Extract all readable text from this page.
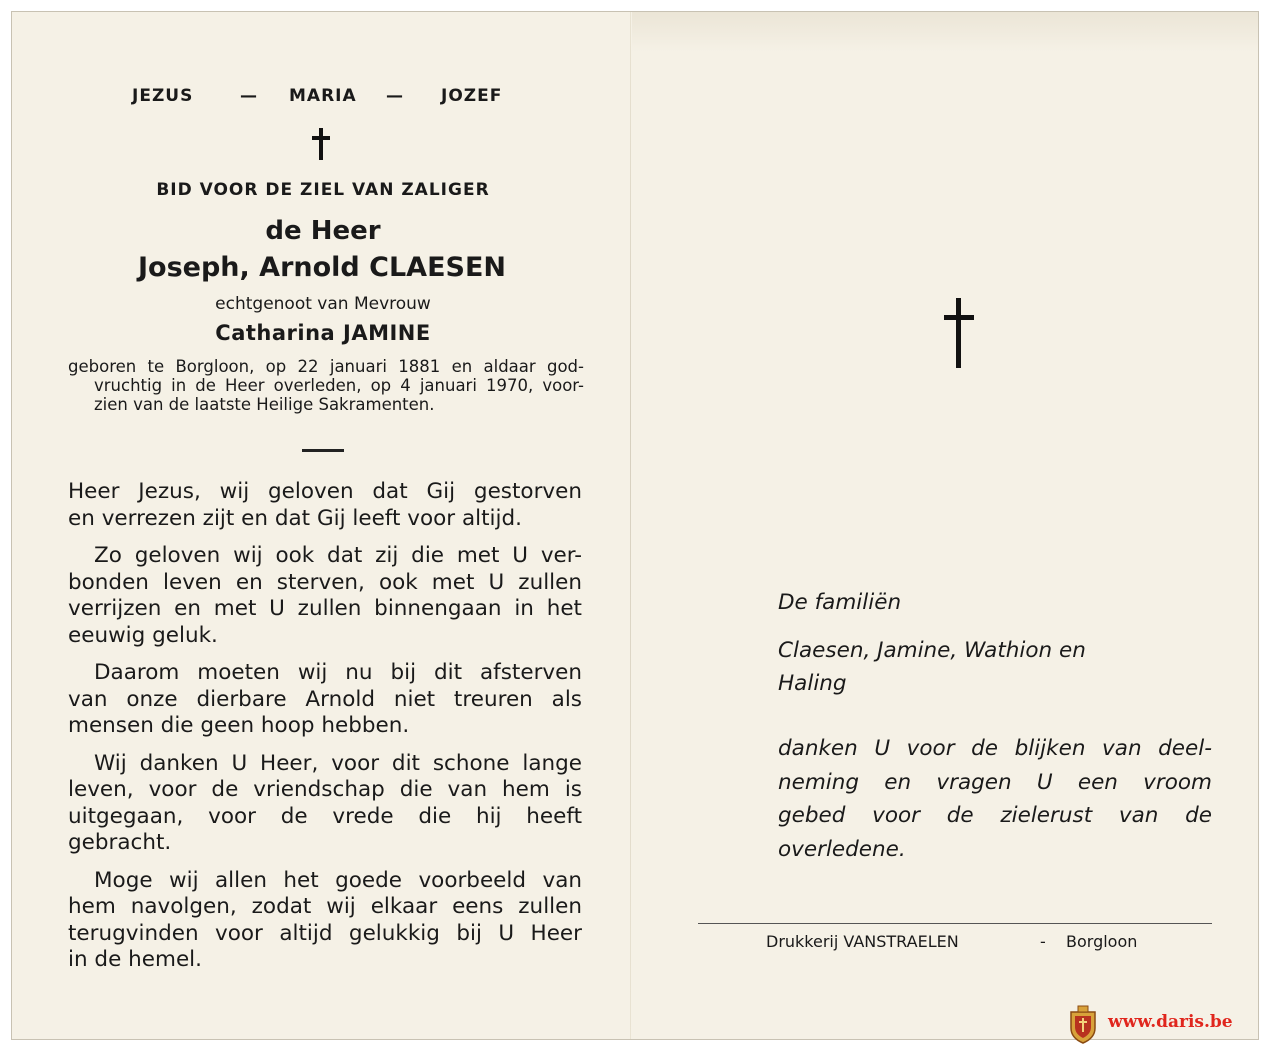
JEZUS	— MARIA — JOZEF
BID VOOR DE ZIEL VAN ZALIGER
de Heer
Joseph, Arnold CLAESEN
echtgenoot van Mevrouw
Catharina JAMINE
geboren te Borgloon, op 22 januari 1881 en aldaar god-
vruchtig in de Heer overleden, op 4 januari 1970, voor-
zien van de laatste Heilige Sakramenten.
Heer Jezus, wij geloven dat Gij gestorven
en verrezen zijt en dat Gij leeft voor altijd.
Zo geloven wij ook dat zij die met U ver-
bonden leven en sterven, ook met U zullen
verrijzen en met U zullen binnengaan in het
eeuwig geluk.
Daarom moeten wij nu bij dit afsterven
van onze dierbare Arnold niet treuren als
mensen die geen hoop hebben.
Wij danken U Heer, voor dit schone lange
leven, voor de vriendschap die van hem is
uitgegaan, voor de vrede die hij heeft
gebracht.
Moge wij allen het goede voorbeeld van
hem navolgen, zodat wij elkaar eens zullen
terugvinden voor altijd gelukkig bij U Heer
in de hemel.
De familiën
Claesen, Jamine, Wathion en
Haling
danken U voor de blijken van deel-
neming en vragen U een vroom
gebed voor de zielerust van de
overledene.
Drukkerij VANSTRAELEN	- Borgloon
www.daris.be
